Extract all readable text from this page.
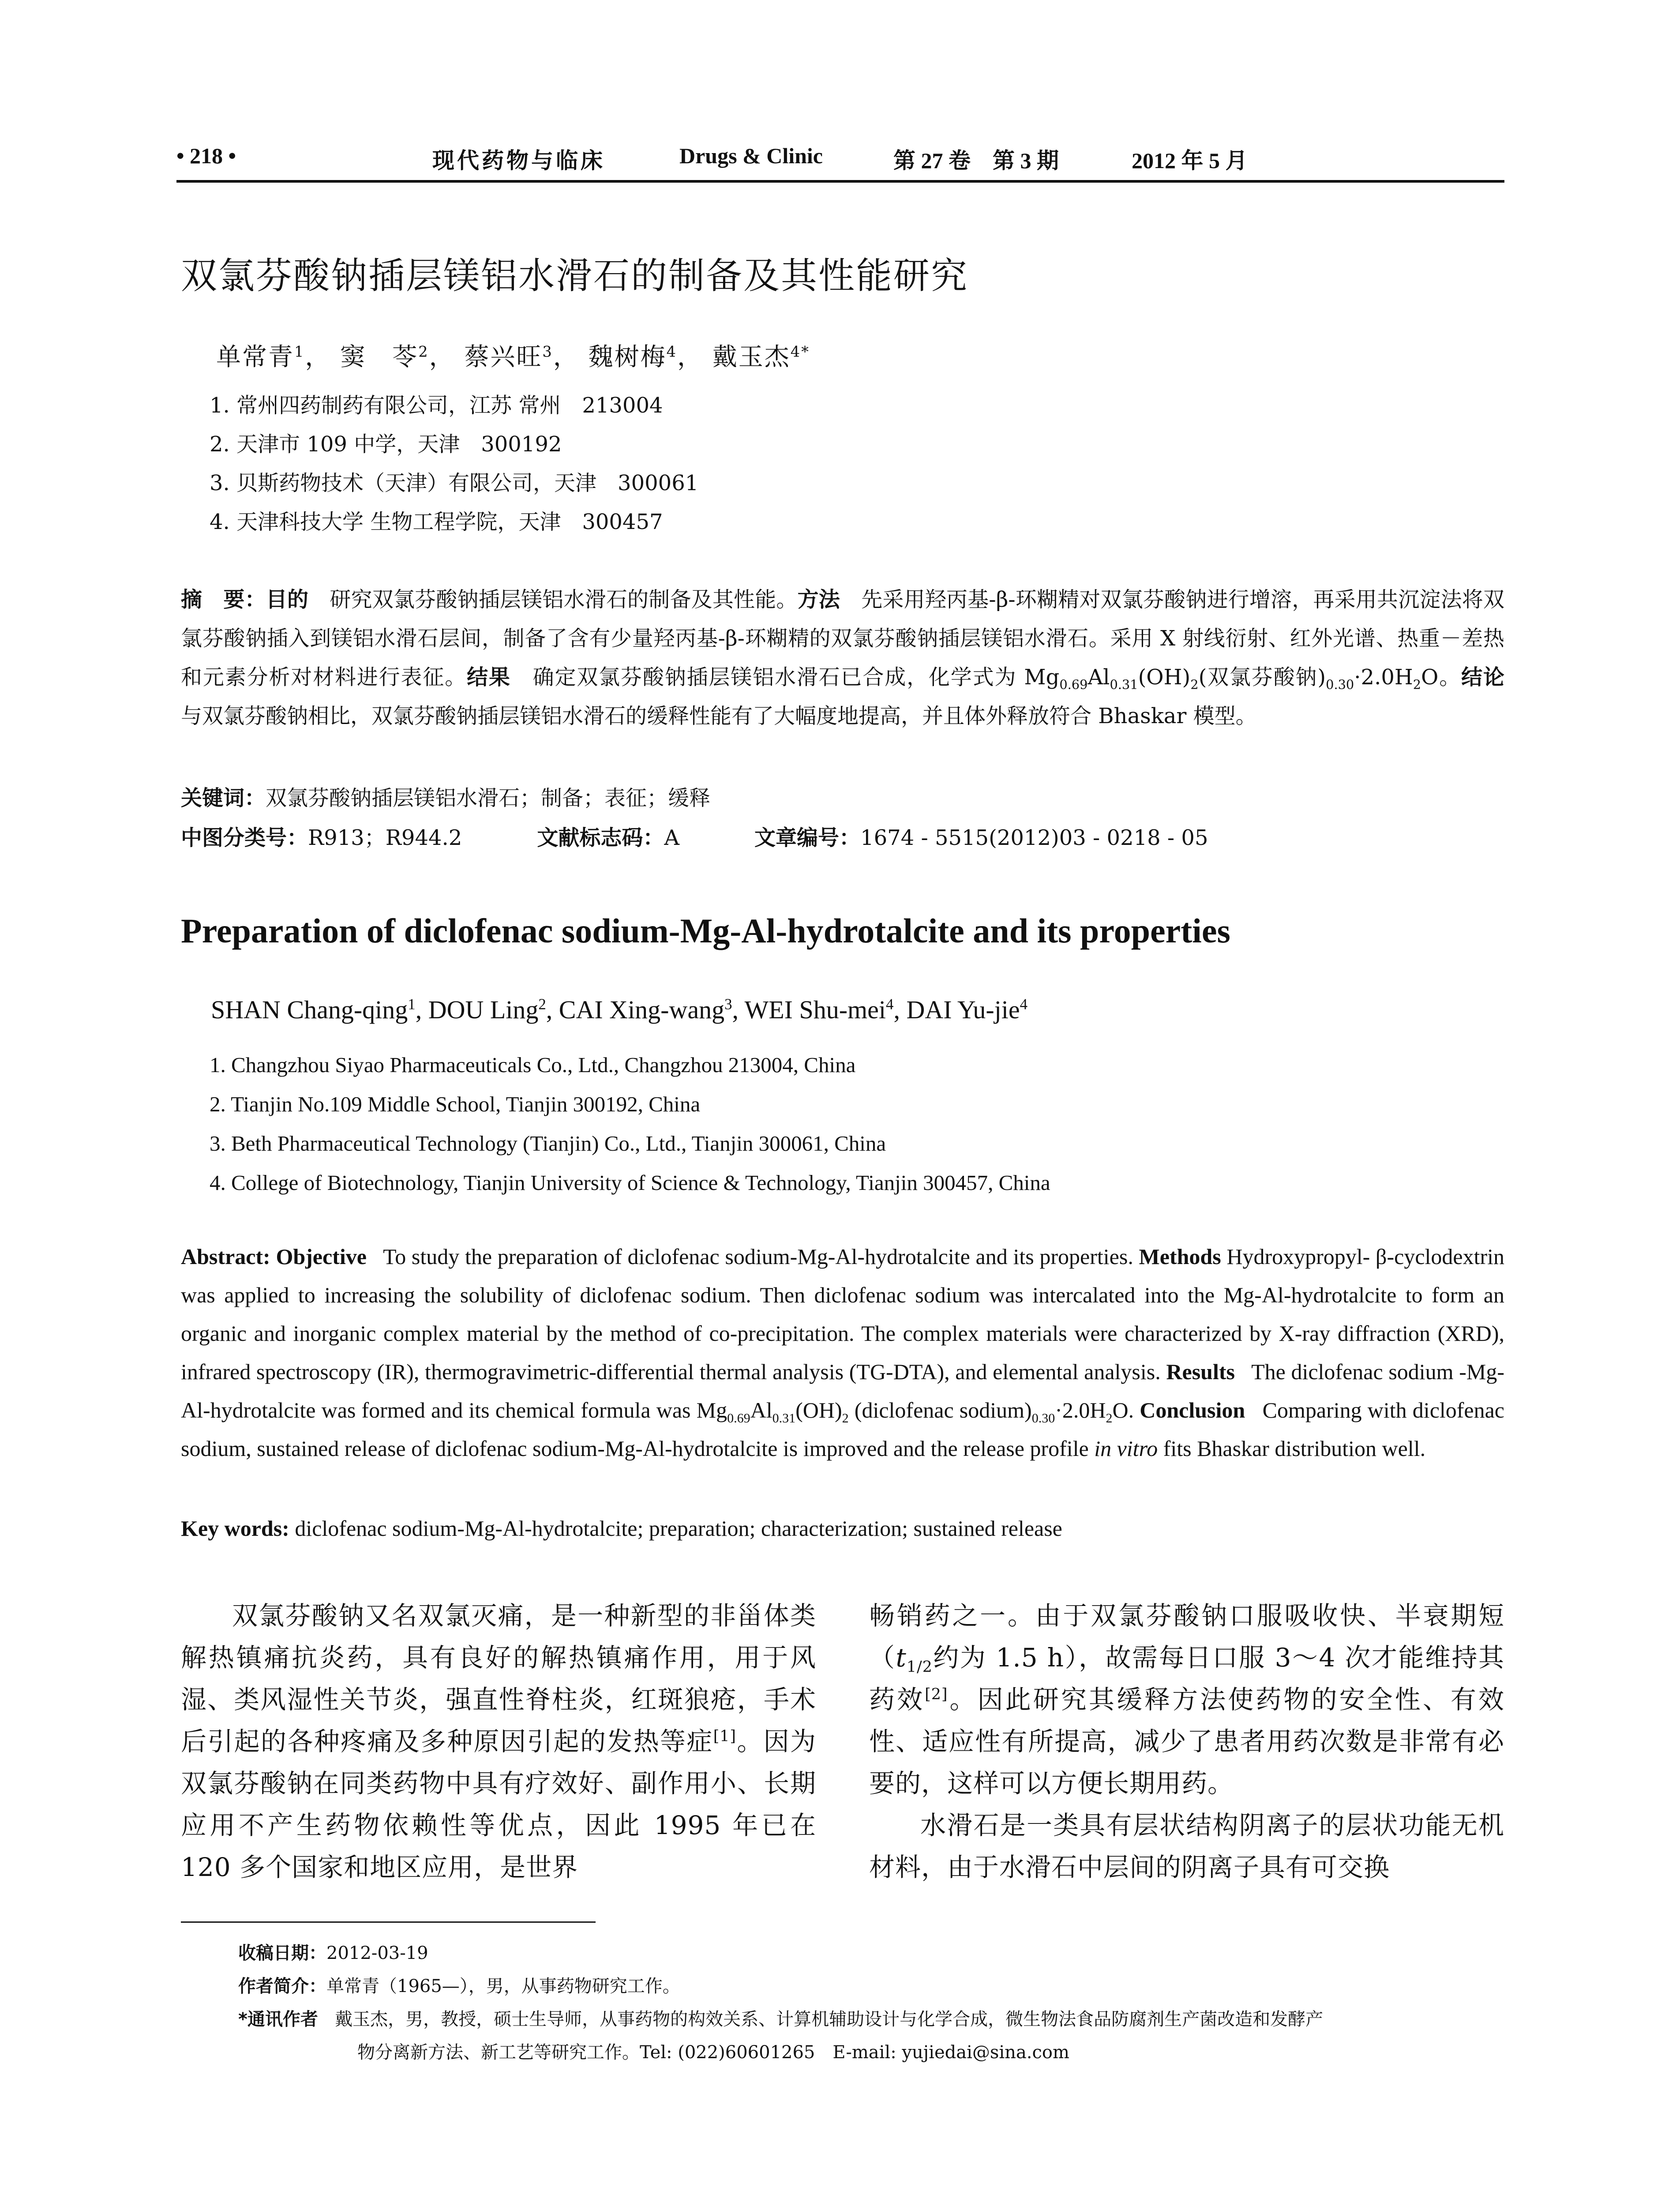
• 218 •	现代药物与临床	Drugs & Clinic	第 27 卷　第 3 期	2012 年 5 月
双氯芬酸钠插层镁铝水滑石的制备及其性能研究
单常青$^1$， 窦　苓$^2$， 蔡兴旺$^3$， 魏树梅$^4$， 戴玉杰$^{4*}$
1. 常州四药制药有限公司，江苏 常州　213004
2. 天津市 109 中学，天津　300192
3. 贝斯药物技术（天津）有限公司，天津　300061
4. 天津科技大学 生物工程学院，天津　300457
摘　要：目的　 研究双氯芬酸钠插层镁铝水滑石的制备及其性能。方法　 先采用羟丙基-β-环糊精对双氯芬酸钠进行增溶，再采用共沉淀法将双氯芬酸钠插入到镁铝水滑石层间，制备了含有少量羟丙基-β-环糊精的双氯芬酸钠插层镁铝水滑石。采用 X 射线衍射、红外光谱、热重－差热和元素分析对材料进行表征。结果　 确定双氯芬酸钠插层镁铝水滑石已合成，化学式为 $Mg_{0.69}Al_{0.31}(OH)_2$(双氯芬酸钠)$_{0.30}\cdot 2.0H_2O$。结论　与双氯芬酸钠相比，双氯芬酸钠插层镁铝水滑石的缓释性能有了大幅度地提高，并且体外释放符合 Bhaskar 模型。
关键词：双氯芬酸钠插层镁铝水滑石；制备；表征；缓释
中图分类号：R913；R944.2	文献标志码：A	文章编号：1674 - 5515(2012)03 - 0218 - 05
Preparation of diclofenac sodium-Mg-Al-hydrotalcite and its properties
SHAN Chang-qing$^1$, DOU Ling$^2$, CAI Xing-wang$^3$, WEI Shu-mei$^4$, DAI Yu-jie$^4$
1. Changzhou Siyao Pharmaceuticals Co., Ltd., Changzhou 213004, China
2. Tianjin No.109 Middle School, Tianjin 300192, China
3. Beth Pharmaceutical Technology (Tianjin) Co., Ltd., Tianjin 300061, China
4. College of Biotechnology, Tianjin University of Science & Technology, Tianjin 300457, China
Abstract: Objective To study the preparation of diclofenac sodium-Mg-Al-hydrotalcite and its properties. Methods Hydroxypropyl- β-cyclodextrin was applied to increasing the solubility of diclofenac sodium. Then diclofenac sodium was intercalated into the Mg-Al-hydrotalcite to form an organic and inorganic complex material by the method of co-precipitation. The complex materials were characterized by X-ray diffraction (XRD), infrared spectroscopy (IR), thermogravimetric-differential thermal analysis (TG-DTA), and elemental analysis. Results The diclofenac sodium -Mg-Al-hydrotalcite was formed and its chemical formula was $Mg_{0.69}Al_{0.31}(OH)_2$ (diclofenac $sodium)_{0.30}\cdot 2.0H_2O$. Conclusion Comparing with diclofenac sodium, sustained release of diclofenac sodium-Mg-Al-hydrotalcite is improved and the release profile in vitro fits Bhaskar distribution well.
Key words: diclofenac sodium-Mg-Al-hydrotalcite; preparation; characterization; sustained release

双氯芬酸钠又名双氯灭痛，是一种新型的非甾体类解热镇痛抗炎药，具有良好的解热镇痛作用，用于风湿、类风湿性关节炎，强直性脊柱炎，红斑狼疮，手术后引起的各种疼痛及多种原因引起的发热等症[1]。因为双氯芬酸钠在同类药物中具有疗效好、副作用小、长期应用不产生药物依赖性等优点，因此 1995 年已在 120 多个国家和地区应用，是世界

畅销药之一。由于双氯芬酸钠口服吸收快、半衰期短（$t_{1/2}$约为 1.5 h），故需每日口服 3～4 次才能维持其药效[2]。因此研究其缓释方法使药物的安全性、有效性、适应性有所提高，减少了患者用药次数是非常有必要的，这样可以方便长期用药。

水滑石是一类具有层状结构阴离子的层状功能无机材料，由于水滑石中层间的阴离子具有可交换

收稿日期：2012-03-19
作者简介：单常青（1965—），男，从事药物研究工作。
*通讯作者 戴玉杰，男，教授，硕士生导师，从事药物的构效关系、计算机辅助设计与化学合成，微生物法食品防腐剂生产菌改造和发酵产
物分离新方法、新工艺等研究工作。Tel: (022)60601265　E-mail: yujiedai@sina.com
